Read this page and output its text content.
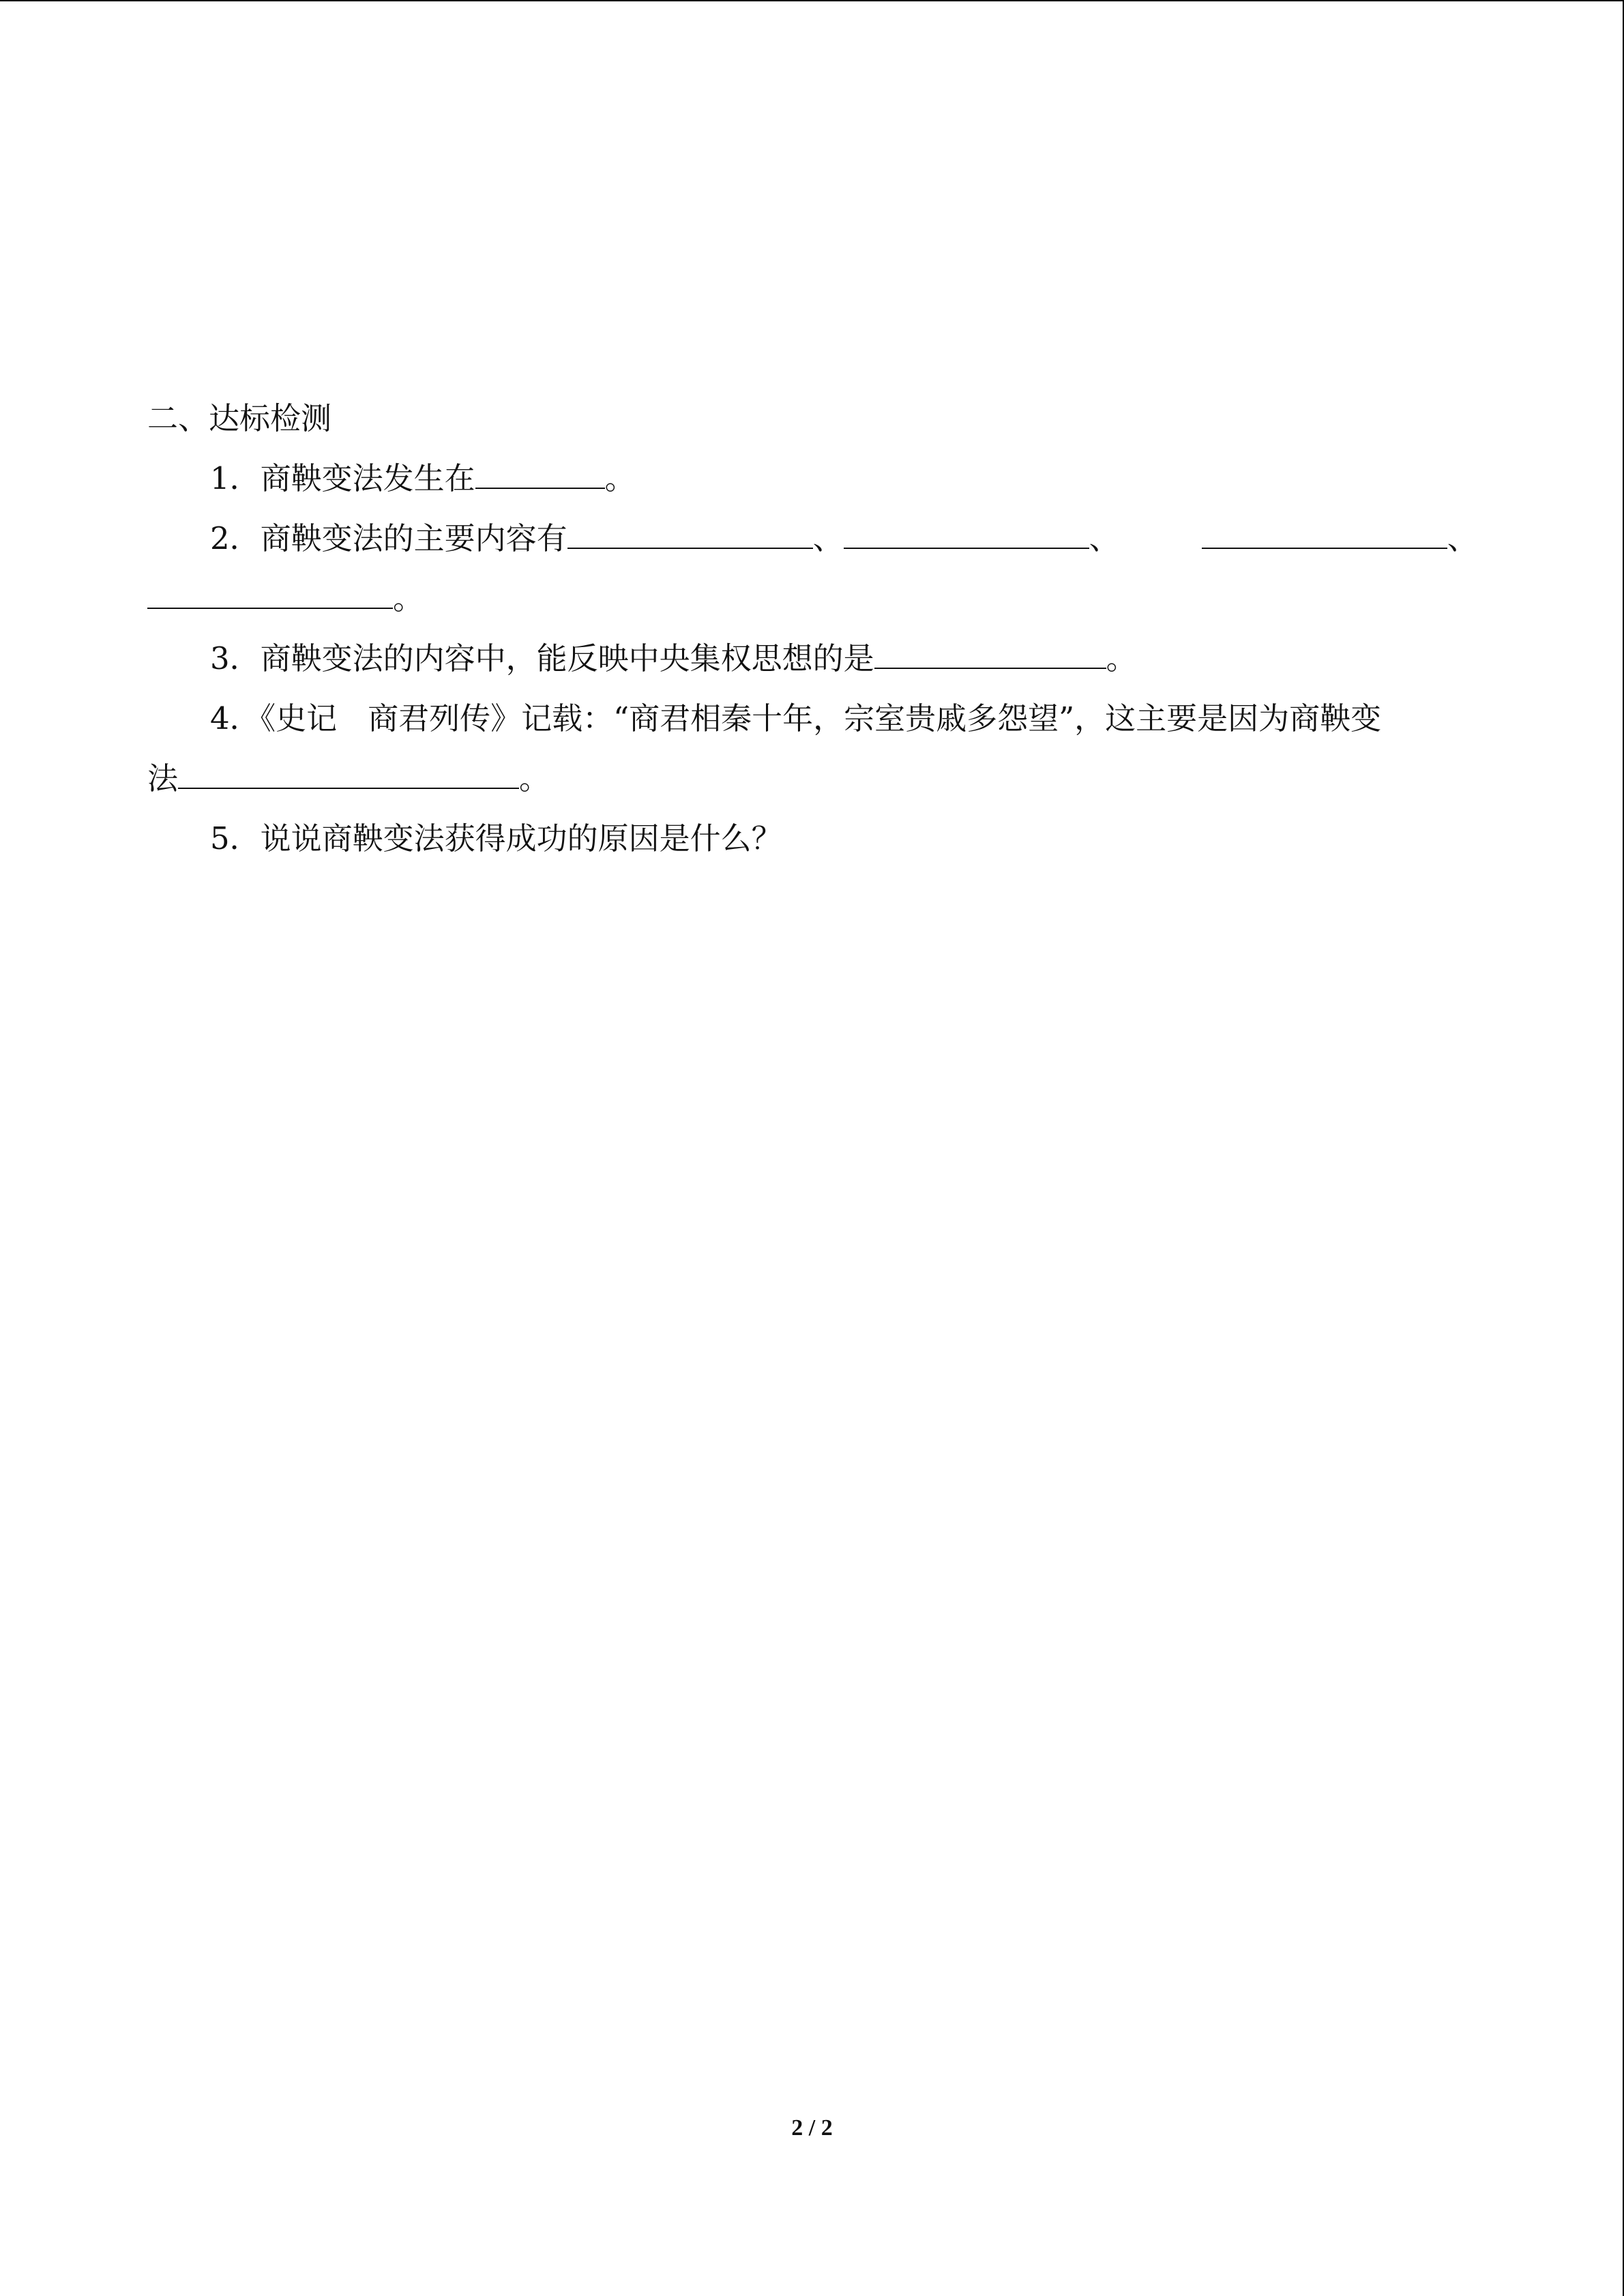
二、达标检测
1．商鞅变法发生在	。
2．商鞅变法的主要内容有	、	、	、
。
3．商鞅变法的内容中，能反映中央集权思想的是	。
4．《史记　商君列传》记载：“商君相秦十年，宗室贵戚多怨望”，这主要是因为商鞅变
法	。
5．说说商鞅变法获得成功的原因是什么？
2 / 2
